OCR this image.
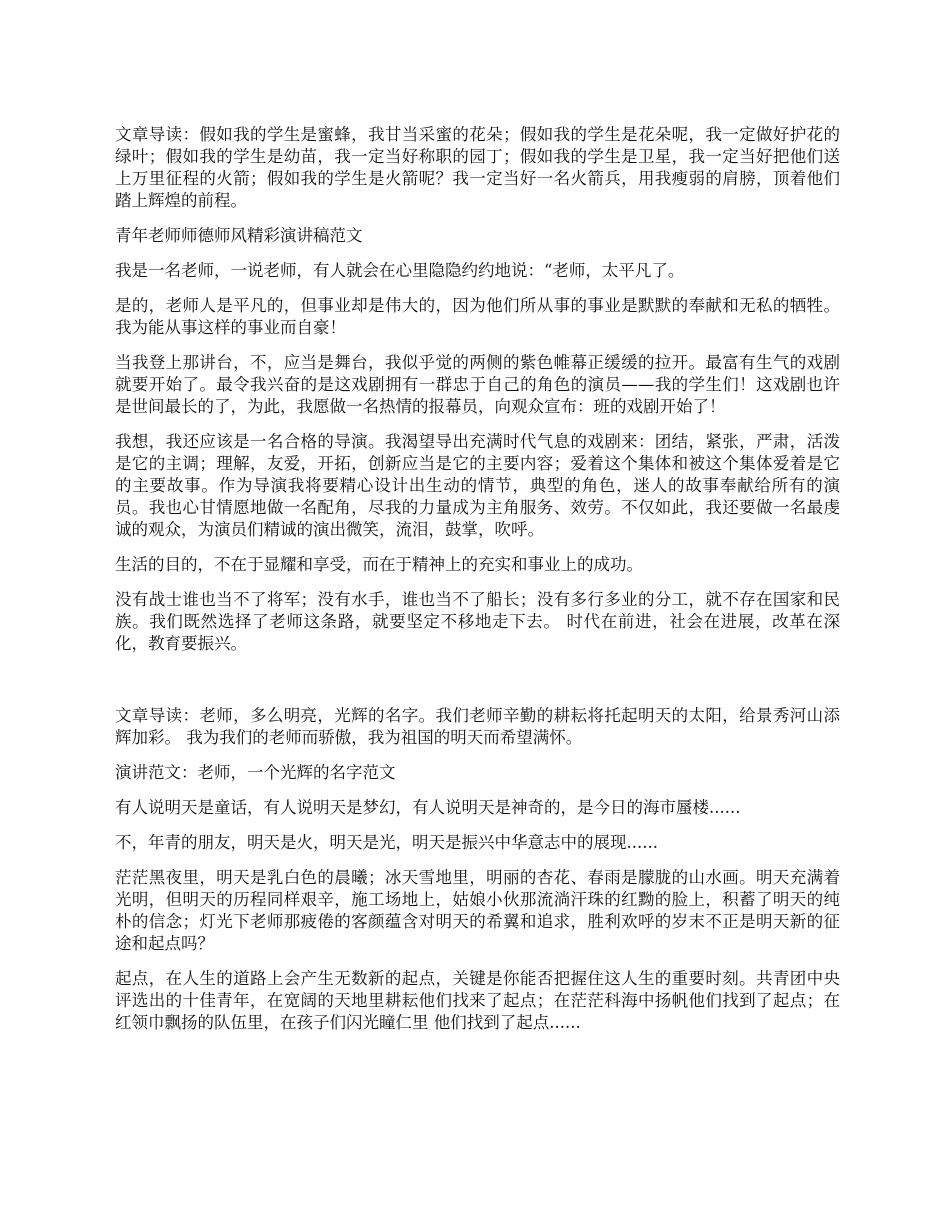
文章导读：假如我的学生是蜜蜂，我甘当采蜜的花朵；假如我的学生是花朵呢，我一定做好护花的绿叶；假如我的学生是幼苗，我一定当好称职的园丁；假如我的学生是卫星，我一定当好把他们送上万里征程的火箭；假如我的学生是火箭呢？我一定当好一名火箭兵，用我瘦弱的肩膀，顶着他们踏上辉煌的前程。

青年老师师德师风精彩演讲稿范文

我是一名老师，一说老师，有人就会在心里隐隐约约地说：“老师，太平凡了。

是的，老师人是平凡的，但事业却是伟大的，因为他们所从事的事业是默默的奉献和无私的牺牲。我为能从事这样的事业而自豪！

当我登上那讲台，不，应当是舞台，我似乎觉的两侧的紫色帷幕正缓缓的拉开。最富有生气的戏剧就要开始了。最令我兴奋的是这戏剧拥有一群忠于自己的角色的演员——我的学生们！这戏剧也许是世间最长的了，为此，我愿做一名热情的报幕员，向观众宣布：班的戏剧开始了！

我想，我还应该是一名合格的导演。我渴望导出充满时代气息的戏剧来：团结，紧张，严肃，活泼是它的主调；理解，友爱，开拓，创新应当是它的主要内容；爱着这个集体和被这个集体爱着是它的主要故事。作为导演我将要精心设计出生动的情节，典型的角色，迷人的故事奉献给所有的演员。我也心甘情愿地做一名配角，尽我的力量成为主角服务、效劳。不仅如此，我还要做一名最虔诚的观众，为演员们精诚的演出微笑，流泪，鼓掌，吹呼。

生活的目的，不在于显耀和享受，而在于精神上的充实和事业上的成功。

没有战士谁也当不了将军；没有水手，谁也当不了船长；没有多行多业的分工，就不存在国家和民族。我们既然选择了老师这条路，就要坚定不移地走下去。 时代在前进，社会在进展，改革在深化，教育要振兴。

文章导读：老师，多么明亮，光辉的名字。我们老师辛勤的耕耘将托起明天的太阳，给景秀河山添辉加彩。 我为我们的老师而骄傲，我为祖国的明天而希望满怀。

演讲范文：老师，一个光辉的名字范文

有人说明天是童话，有人说明天是梦幻，有人说明天是神奇的，是今日的海市蜃楼......

不，年青的朋友，明天是火，明天是光，明天是振兴中华意志中的展现......

茫茫黑夜里，明天是乳白色的晨曦；冰天雪地里，明丽的杏花、春雨是朦胧的山水画。明天充满着光明，但明天的历程同样艰辛，施工场地上，姑娘小伙那流淌汗珠的红黝的脸上，积蓄了明天的纯朴的信念；灯光下老师那疲倦的客颜蕴含对明天的希翼和追求，胜利欢呼的岁末不正是明天新的征途和起点吗？

起点，在人生的道路上会产生无数新的起点，关键是你能否把握住这人生的重要时刻。共青团中央评选出的十佳青年，在宽阔的天地里耕耘他们找来了起点；在茫茫科海中扬帆他们找到了起点；在红领巾飘扬的队伍里，在孩子们闪光瞳仁里 他们找到了起点......
